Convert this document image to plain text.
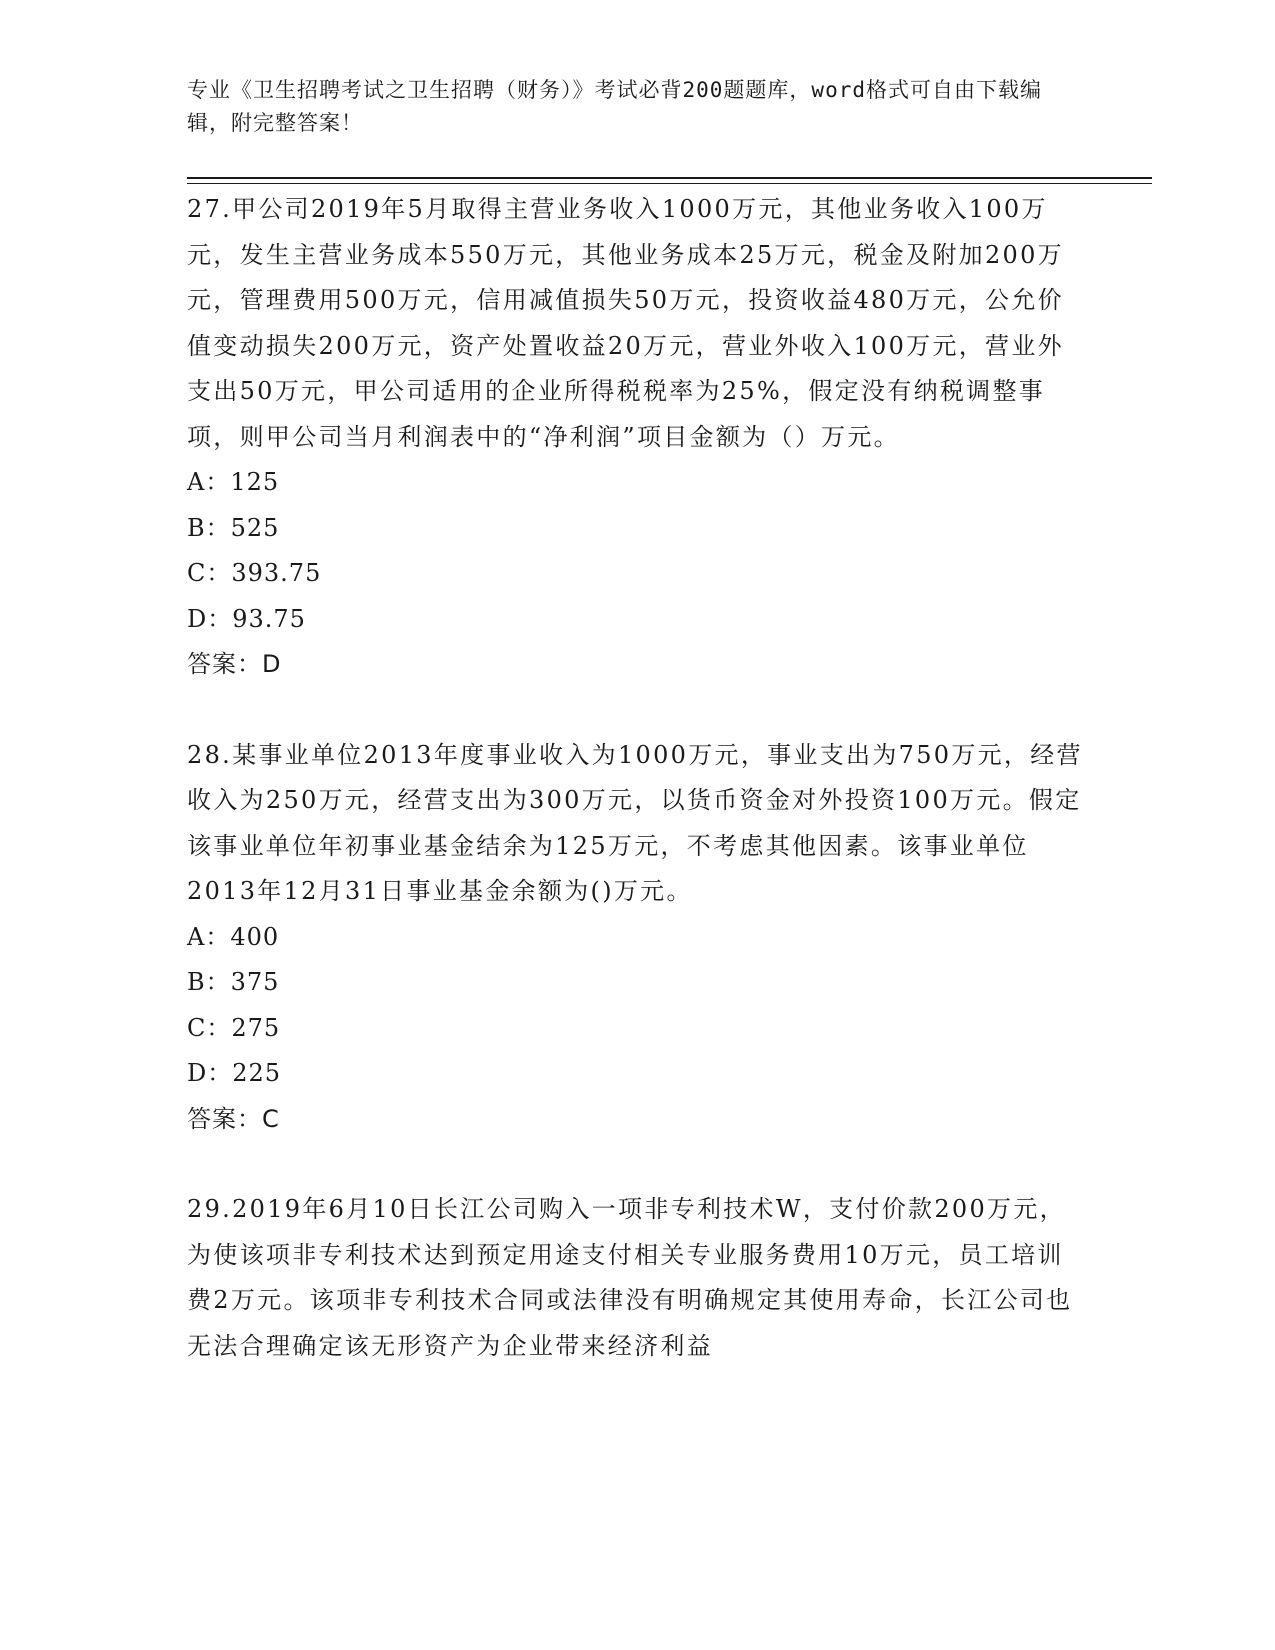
专业《卫生招聘考试之卫生招聘（财务）》考试必背200题题库，word格式可自由下载编辑，附完整答案！

27.甲公司2019年5月取得主营业务收入1000万元，其他业务收入100万元，发生主营业务成本550万元，其他业务成本25万元，税金及附加200万元，管理费用500万元，信用减值损失50万元，投资收益480万元，公允价值变动损失200万元，资产处置收益20万元，营业外收入100万元，营业外支出50万元，甲公司适用的企业所得税税率为25%，假定没有纳税调整事项，则甲公司当月利润表中的“净利润”项目金额为（）万元。

A：125

B：525

C：393.75

D：93.75

答案：D

28.某事业单位2013年度事业收入为1000万元，事业支出为750万元，经营收入为250万元，经营支出为300万元，以货币资金对外投资100万元。假定该事业单位年初事业基金结余为125万元，不考虑其他因素。该事业单位2013年12月31日事业基金余额为()万元。

A：400

B：375

C：275

D：225

答案：C

29.2019年6月10日长江公司购入一项非专利技术W，支付价款200万元，为使该项非专利技术达到预定用途支付相关专业服务费用10万元，员工培训费2万元。该项非专利技术合同或法律没有明确规定其使用寿命，长江公司也无法合理确定该无形资产为企业带来经济利益
